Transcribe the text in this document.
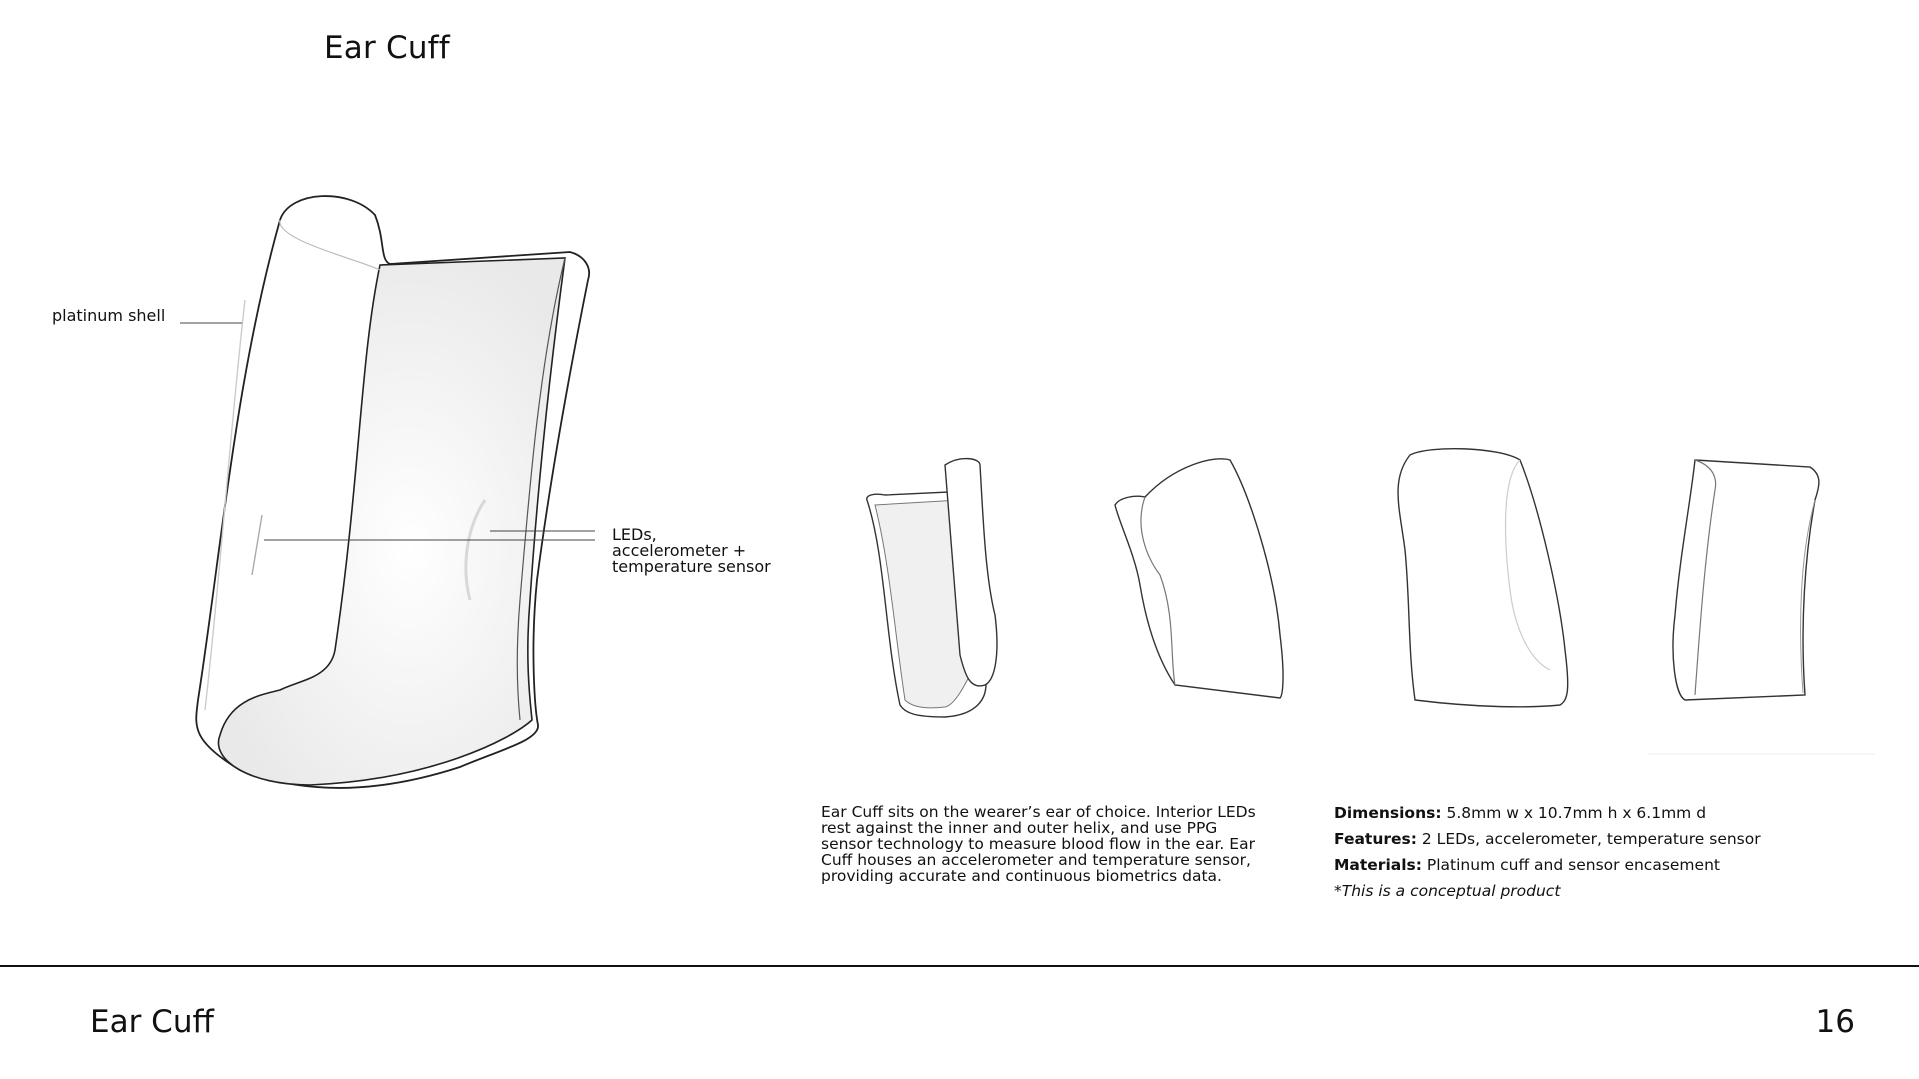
Ear Cuff
platinum shell
LEDs,
accelerometer +
temperature sensor
Ear Cuff sits on the wearer’s ear of choice. Interior LEDs rest against the inner and outer helix, and use PPG sensor technology to measure blood flow in the ear. Ear Cuff houses an accelerometer and temperature sensor, providing accurate and continuous biometrics data.
Dimensions: 5.8mm w x 10.7mm h x 6.1mm d
Features: 2 LEDs, accelerometer, temperature sensor
Materials: Platinum cuff and sensor encasement
*This is a conceptual product
Ear Cuff	16
